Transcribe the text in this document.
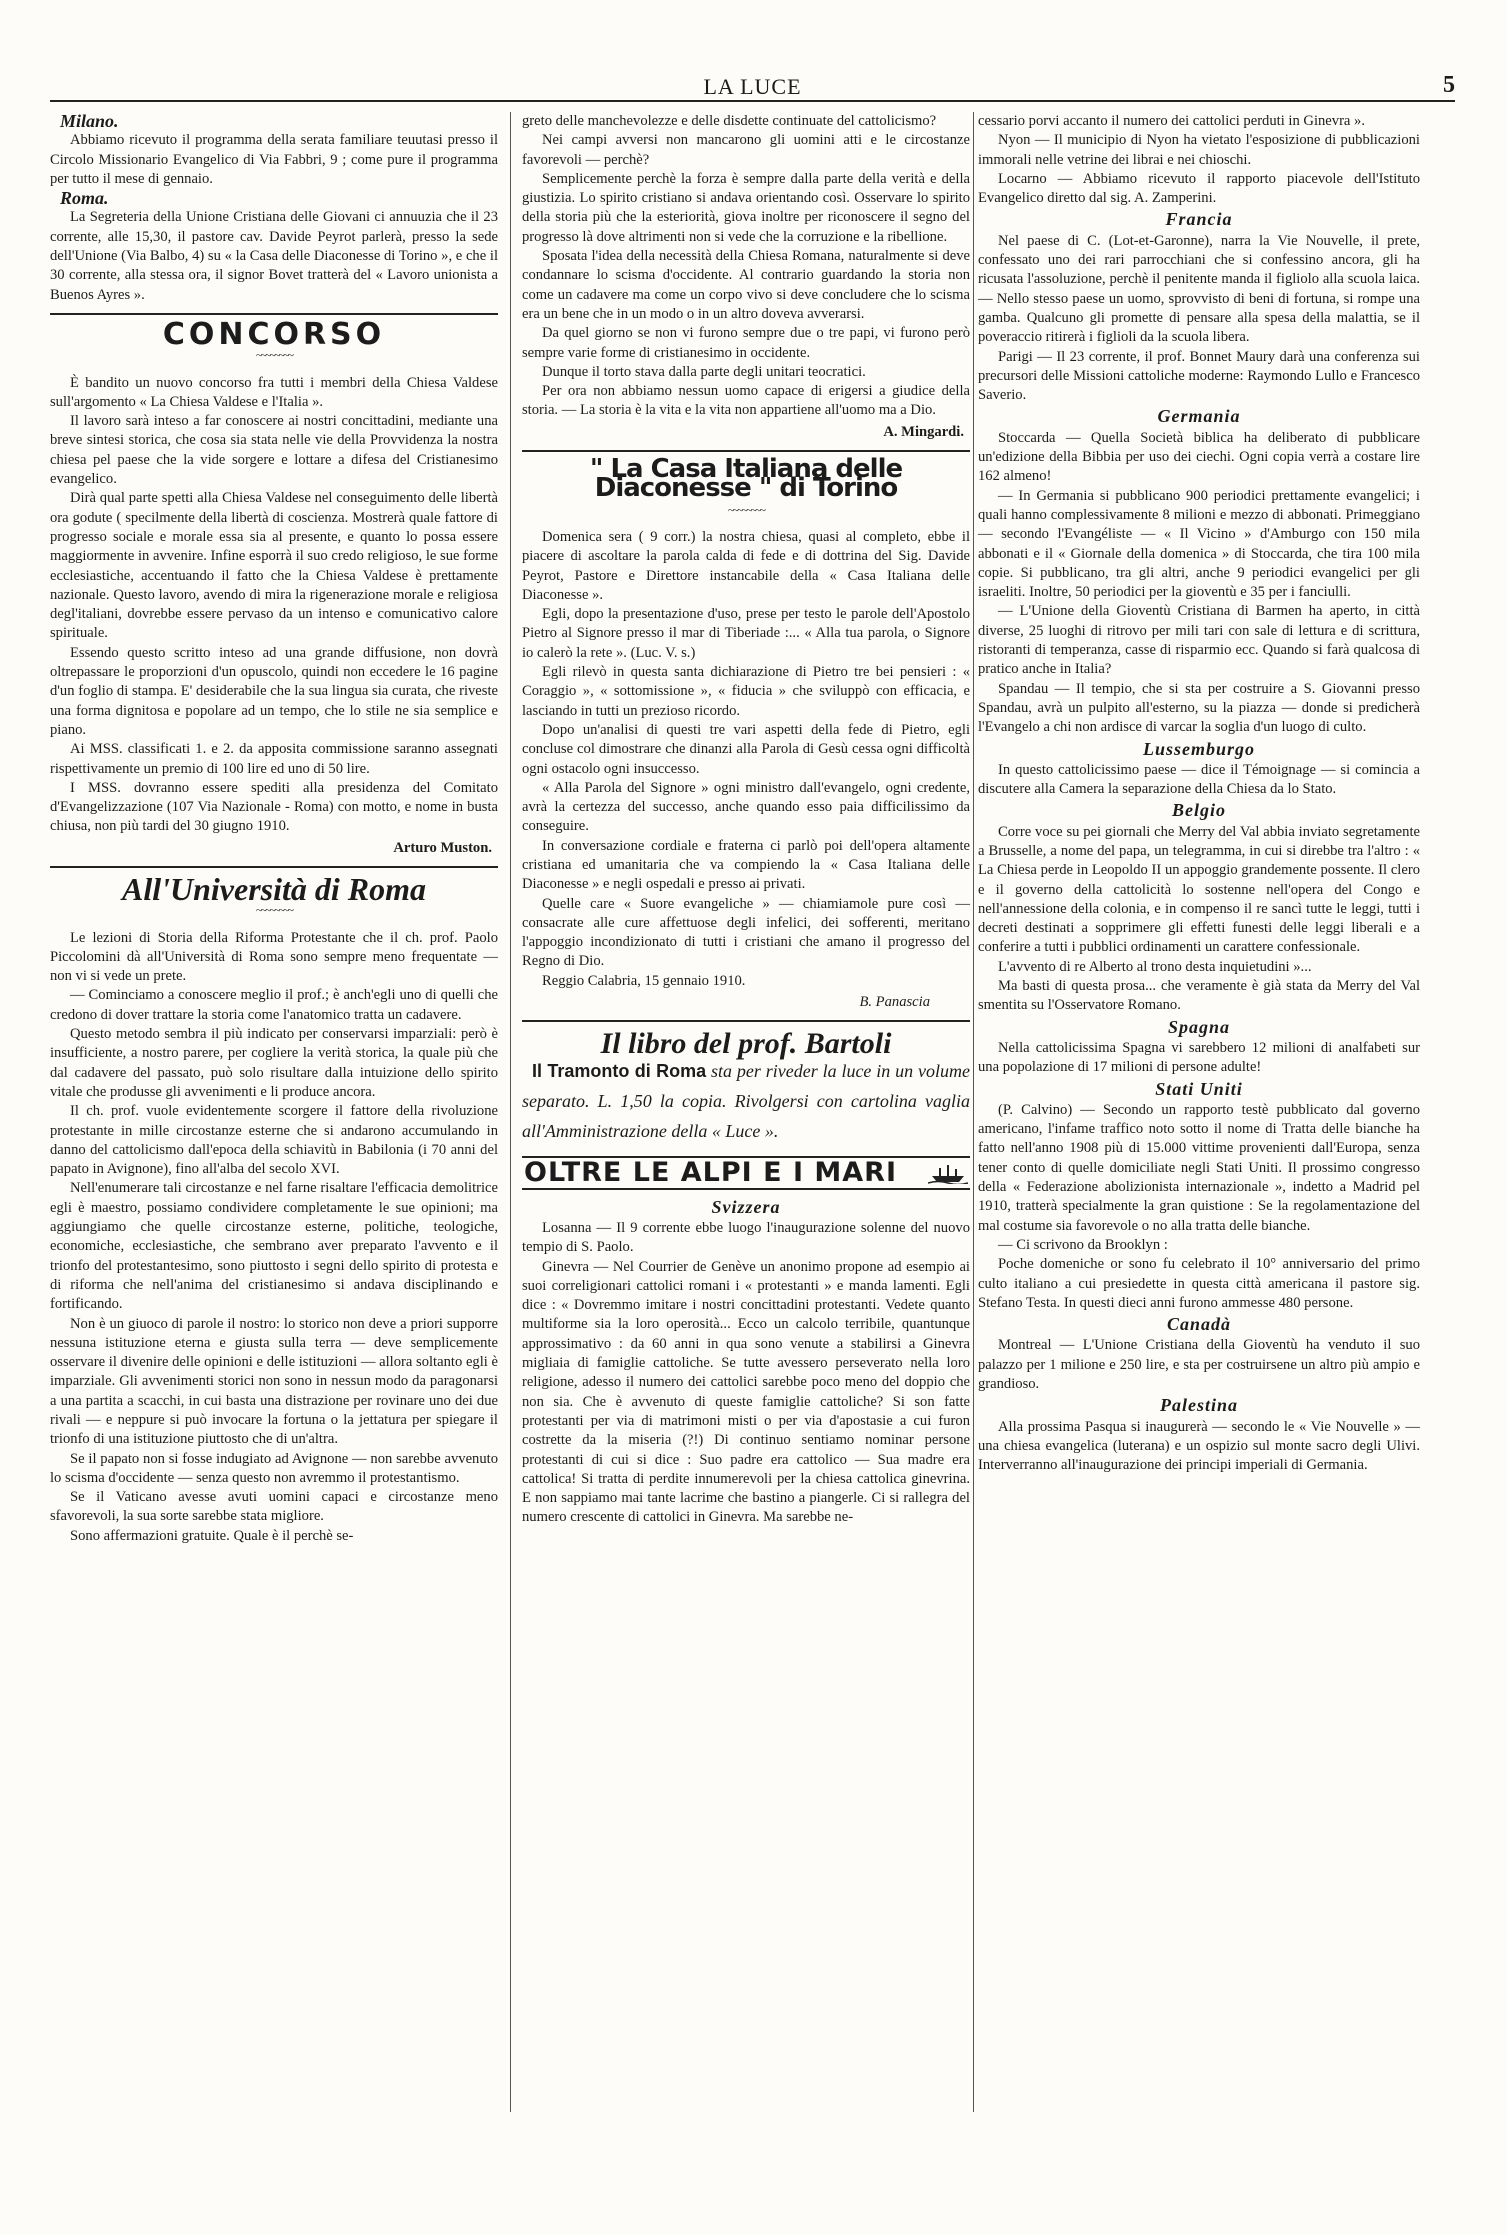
LA LUCE	5
Milano.

Abbiamo ricevuto il programma della serata familiare teuutasi presso il Circolo Missionario Evangelico di Via Fabbri, 9 ; come pure il programma per tutto il mese di gennaio.

Roma.

La Segreteria della Unione Cristiana delle Giovani ci annuuzia che il 23 corrente, alle 15,30, il pastore cav. Davide Peyrot parlerà, presso la sede dell'Unione (Via Balbo, 4) su « la Casa delle Diaconesse di Torino », e che il 30 corrente, alla stessa ora, il signor Bovet tratterà del « Lavoro unionista a Buenos Ayres ».

CONCORSO
~~~~~~~~

È bandito un nuovo concorso fra tutti i membri della Chiesa Valdese sull'argomento « La Chiesa Valdese e l'Italia ».

Il lavoro sarà inteso a far conoscere ai nostri concittadini, mediante una breve sintesi storica, che cosa sia stata nelle vie della Provvidenza la nostra chiesa pel paese che la vide sorgere e lottare a difesa del Cristianesimo evangelico.

Dirà qual parte spetti alla Chiesa Valdese nel conseguimento delle libertà ora godute ( specilmente della libertà di coscienza. Mostrerà quale fattore di progresso sociale e morale essa sia al presente, e quanto lo possa essere maggiormente in avvenire. Infine esporrà il suo credo religioso, le sue forme ecclesiastiche, accentuando il fatto che la Chiesa Valdese è prettamente nazionale. Questo lavoro, avendo di mira la rigenerazione morale e religiosa degl'italiani, dovrebbe essere pervaso da un intenso e comunicativo calore spirituale.

Essendo questo scritto inteso ad una grande diffusione, non dovrà oltrepassare le proporzioni d'un opuscolo, quindi non eccedere le 16 pagine d'un foglio di stampa. E' desiderabile che la sua lingua sia curata, che riveste una forma dignitosa e popolare ad un tempo, che lo stile ne sia semplice e piano.

Ai MSS. classificati 1. e 2. da apposita commissione saranno assegnati rispettivamente un premio di 100 lire ed uno di 50 lire.

I MSS. dovranno essere spediti alla presidenza del Comitato d'Evangelizzazione (107 Via Nazionale - Roma) con motto, e nome in busta chiusa, non più tardi del 30 giugno 1910.

Arturo Muston.
All'Università di Roma
~~~~~~~~

Le lezioni di Storia della Riforma Protestante che il ch. prof. Paolo Piccolomini dà all'Università di Roma sono sempre meno frequentate — non vi si vede un prete.

— Cominciamo a conoscere meglio il prof.; è anch'egli uno di quelli che credono di dover trattare la storia come l'anatomico tratta un cadavere.

Questo metodo sembra il più indicato per conservarsi imparziali: però è insufficiente, a nostro parere, per cogliere la verità storica, la quale più che dal cadavere del passato, può solo risultare dalla intuizione dello spirito vitale che produsse gli avvenimenti e li produce ancora.

Il ch. prof. vuole evidentemente scorgere il fattore della rivoluzione protestante in mille circostanze esterne che si andarono accumulando in danno del cattolicismo dall'epoca della schiavitù in Babilonia (i 70 anni del papato in Avignone), fino all'alba del secolo XVI.

Nell'enumerare tali circostanze e nel farne risaltare l'efficacia demolitrice egli è maestro, possiamo condividere completamente le sue opinioni; ma aggiungiamo che quelle circostanze esterne, politiche, teologiche, economiche, ecclesiastiche, che sembrano aver preparato l'avvento e il trionfo del protestantesimo, sono piuttosto i segni dello spirito di protesta e di riforma che nell'anima del cristianesimo si andava disciplinando e fortificando.

Non è un giuoco di parole il nostro: lo storico non deve a priori supporre nessuna istituzione eterna e giusta sulla terra — deve semplicemente osservare il divenire delle opinioni e delle istituzioni — allora soltanto egli è imparziale. Gli avvenimenti storici non sono in nessun modo da paragonarsi a una partita a scacchi, in cui basta una distrazione per rovinare uno dei due rivali — e neppure si può invocare la fortuna o la jettatura per spiegare il trionfo di una istituzione piuttosto che di un'altra.

Se il papato non si fosse indugiato ad Avignone — non sarebbe avvenuto lo scisma d'occidente — senza questo non avremmo il protestantismo.

Se il Vaticano avesse avuti uomini capaci e circostanze meno sfavorevoli, la sua sorte sarebbe stata migliore.

Sono affermazioni gratuite. Quale è il perchè se-

greto delle manchevolezze e delle disdette continuate del cattolicismo?

Nei campi avversi non mancarono gli uomini atti e le circostanze favorevoli — perchè?

Semplicemente perchè la forza è sempre dalla parte della verità e della giustizia. Lo spirito cristiano si andava orientando così. Osservare lo spirito della storia più che la esteriorità, giova inoltre per riconoscere il segno del progresso là dove altrimenti non si vede che la corruzione e la ribellione.

Sposata l'idea della necessità della Chiesa Romana, naturalmente si deve condannare lo scisma d'occidente. Al contrario guardando la storia non come un cadavere ma come un corpo vivo si deve concludere che lo scisma era un bene che in un modo o in un altro doveva avverarsi.

Da quel giorno se non vi furono sempre due o tre papi, vi furono però sempre varie forme di cristianesimo in occidente.

Dunque il torto stava dalla parte degli unitari teocratici.

Per ora non abbiamo nessun uomo capace di erigersi a giudice della storia. — La storia è la vita e la vita non appartiene all'uomo ma a Dio.

A. Mingardi.
" La Casa Italiana delle Diaconesse " di Torino
~~~~~~~~

Domenica sera ( 9 corr.) la nostra chiesa, quasi al completo, ebbe il piacere di ascoltare la parola calda di fede e di dottrina del Sig. Davide Peyrot, Pastore e Direttore instancabile della « Casa Italiana delle Diaconesse ».

Egli, dopo la presentazione d'uso, prese per testo le parole dell'Apostolo Pietro al Signore presso il mar di Tiberiade :... « Alla tua parola, o Signore io calerò la rete ». (Luc. V. s.)

Egli rilevò in questa santa dichiarazione di Pietro tre bei pensieri : « Coraggio », « sottomissione », « fiducia » che sviluppò con efficacia, e lasciando in tutti un prezioso ricordo.

Dopo un'analisi di questi tre vari aspetti della fede di Pietro, egli concluse col dimostrare che dinanzi alla Parola di Gesù cessa ogni difficoltà ogni ostacolo ogni insuccesso.

« Alla Parola del Signore » ogni ministro dall'evangelo, ogni credente, avrà la certezza del successo, anche quando esso paia difficilissimo da conseguire.

In conversazione cordiale e fraterna ci parlò poi dell'opera altamente cristiana ed umanitaria che va compiendo la « Casa Italiana delle Diaconesse » e negli ospedali e presso ai privati.

Quelle care « Suore evangeliche » — chiamiamole pure così — consacrate alle cure affettuose degli infelici, dei sofferenti, meritano l'appoggio incondizionato di tutti i cristiani che amano il progresso del Regno di Dio.

Reggio Calabria, 15 gennaio 1910.

B. Panascia
Il libro del prof. Bartoli

Il Tramonto di Roma sta per riveder la luce in un volume separato. L. 1,50 la copia. Rivolgersi con cartolina vaglia all'Amministrazione della « Luce ».

OLTRE LE ALPI E I MARI
Svizzera

Losanna — Il 9 corrente ebbe luogo l'inaugurazione solenne del nuovo tempio di S. Paolo.

Ginevra — Nel Courrier de Genève un anonimo propone ad esempio ai suoi correligionari cattolici romani i « protestanti » e manda lamenti. Egli dice : « Dovremmo imitare i nostri concittadini protestanti. Vedete quanto multiforme sia la loro operosità... Ecco un calcolo terribile, quantunque approssimativo : da 60 anni in qua sono venute a stabilirsi a Ginevra migliaia di famiglie cattoliche. Se tutte avessero perseverato nella loro religione, adesso il numero dei cattolici sarebbe poco meno del doppio che non sia. Che è avvenuto di queste famiglie cattoliche? Si son fatte protestanti per via di matrimoni misti o per via d'apostasie a cui furon costrette da la miseria (?!) Di continuo sentiamo nominar persone protestanti di cui si dice : Suo padre era cattolico — Sua madre era cattolica! Si tratta di perdite innumerevoli per la chiesa cattolica ginevrina. E non sappiamo mai tante lacrime che bastino a piangerle. Ci si rallegra del numero crescente di cattolici in Ginevra. Ma sarebbe ne-

cessario porvi accanto il numero dei cattolici perduti in Ginevra ».

Nyon — Il municipio di Nyon ha vietato l'esposizione di pubblicazioni immorali nelle vetrine dei librai e nei chioschi.

Locarno — Abbiamo ricevuto il rapporto piacevole dell'Istituto Evangelico diretto dal sig. A. Zamperini.

Francia

Nel paese di C. (Lot-et-Garonne), narra la Vie Nouvelle, il prete, confessato uno dei rari parrocchiani che si confessino ancora, gli ha ricusata l'assoluzione, perchè il penitente manda il figliolo alla scuola laica. — Nello stesso paese un uomo, sprovvisto di beni di fortuna, si rompe una gamba. Qualcuno gli promette di pensare alla spesa della malattia, se il poveraccio ritirerà i figlioli da la scuola libera.

Parigi — Il 23 corrente, il prof. Bonnet Maury darà una conferenza sui precursori delle Missioni cattoliche moderne: Raymondo Lullo e Francesco Saverio.

Germania

Stoccarda — Quella Società biblica ha deliberato di pubblicare un'edizione della Bibbia per uso dei ciechi. Ogni copia verrà a costare lire 162 almeno!

— In Germania si pubblicano 900 periodici prettamente evangelici; i quali hanno complessivamente 8 milioni e mezzo di abbonati. Primeggiano — secondo l'Evangéliste — « Il Vicino » d'Amburgo con 150 mila abbonati e il « Giornale della domenica » di Stoccarda, che tira 100 mila copie. Si pubblicano, tra gli altri, anche 9 periodici evangelici per gli israeliti. Inoltre, 50 periodici per la gioventù e 35 per i fanciulli.

— L'Unione della Gioventù Cristiana di Barmen ha aperto, in città diverse, 25 luoghi di ritrovo per mili tari con sale di lettura e di scrittura, ristoranti di temperanza, casse di risparmio ecc. Quando si farà qualcosa di pratico anche in Italia?

Spandau — Il tempio, che si sta per costruire a S. Giovanni presso Spandau, avrà un pulpito all'esterno, su la piazza — donde si predicherà l'Evangelo a chi non ardisce di varcar la soglia d'un luogo di culto.

Lussemburgo

In questo cattolicissimo paese — dice il Témoignage — si comincia a discutere alla Camera la separazione della Chiesa da lo Stato.

Belgio

Corre voce su pei giornali che Merry del Val abbia inviato segretamente a Brusselle, a nome del papa, un telegramma, in cui si direbbe tra l'altro : « La Chiesa perde in Leopoldo II un appoggio grandemente possente. Il clero e il governo della cattolicità lo sostenne nell'opera del Congo e nell'annessione della colonia, e in compenso il re sancì tutte le leggi, tutti i decreti destinati a sopprimere gli effetti funesti delle leggi liberali e a conferire a tutti i pubblici ordinamenti un carattere confessionale.

L'avvento di re Alberto al trono desta inquietudini »...

Ma basti di questa prosa... che veramente è già stata da Merry del Val smentita su l'Osservatore Romano.

Spagna

Nella cattolicissima Spagna vi sarebbero 12 milioni di analfabeti sur una popolazione di 17 milioni di persone adulte!

Stati Uniti

(P. Calvino) — Secondo un rapporto testè pubblicato dal governo americano, l'infame traffico noto sotto il nome di Tratta delle bianche ha fatto nell'anno 1908 più di 15.000 vittime provenienti dall'Europa, senza tener conto di quelle domiciliate negli Stati Uniti. Il prossimo congresso della « Federazione abolizionista internazionale », indetto a Madrid pel 1910, tratterà specialmente la gran quistione : Se la regolamentazione del mal costume sia favorevole o no alla tratta delle bianche.

— Ci scrivono da Brooklyn :

Poche domeniche or sono fu celebrato il 10° anniversario del primo culto italiano a cui presiedette in questa città americana il pastore sig. Stefano Testa. In questi dieci anni furono ammesse 480 persone.

Canadà

Montreal — L'Unione Cristiana della Gioventù ha venduto il suo palazzo per 1 milione e 250 lire, e sta per costruirsene un altro più ampio e grandioso.

Palestina

Alla prossima Pasqua si inaugurerà — secondo le « Vie Nouvelle » — una chiesa evangelica (luterana) e un ospizio sul monte sacro degli Ulivi. Interverranno all'inaugurazione dei principi imperiali di Germania.
